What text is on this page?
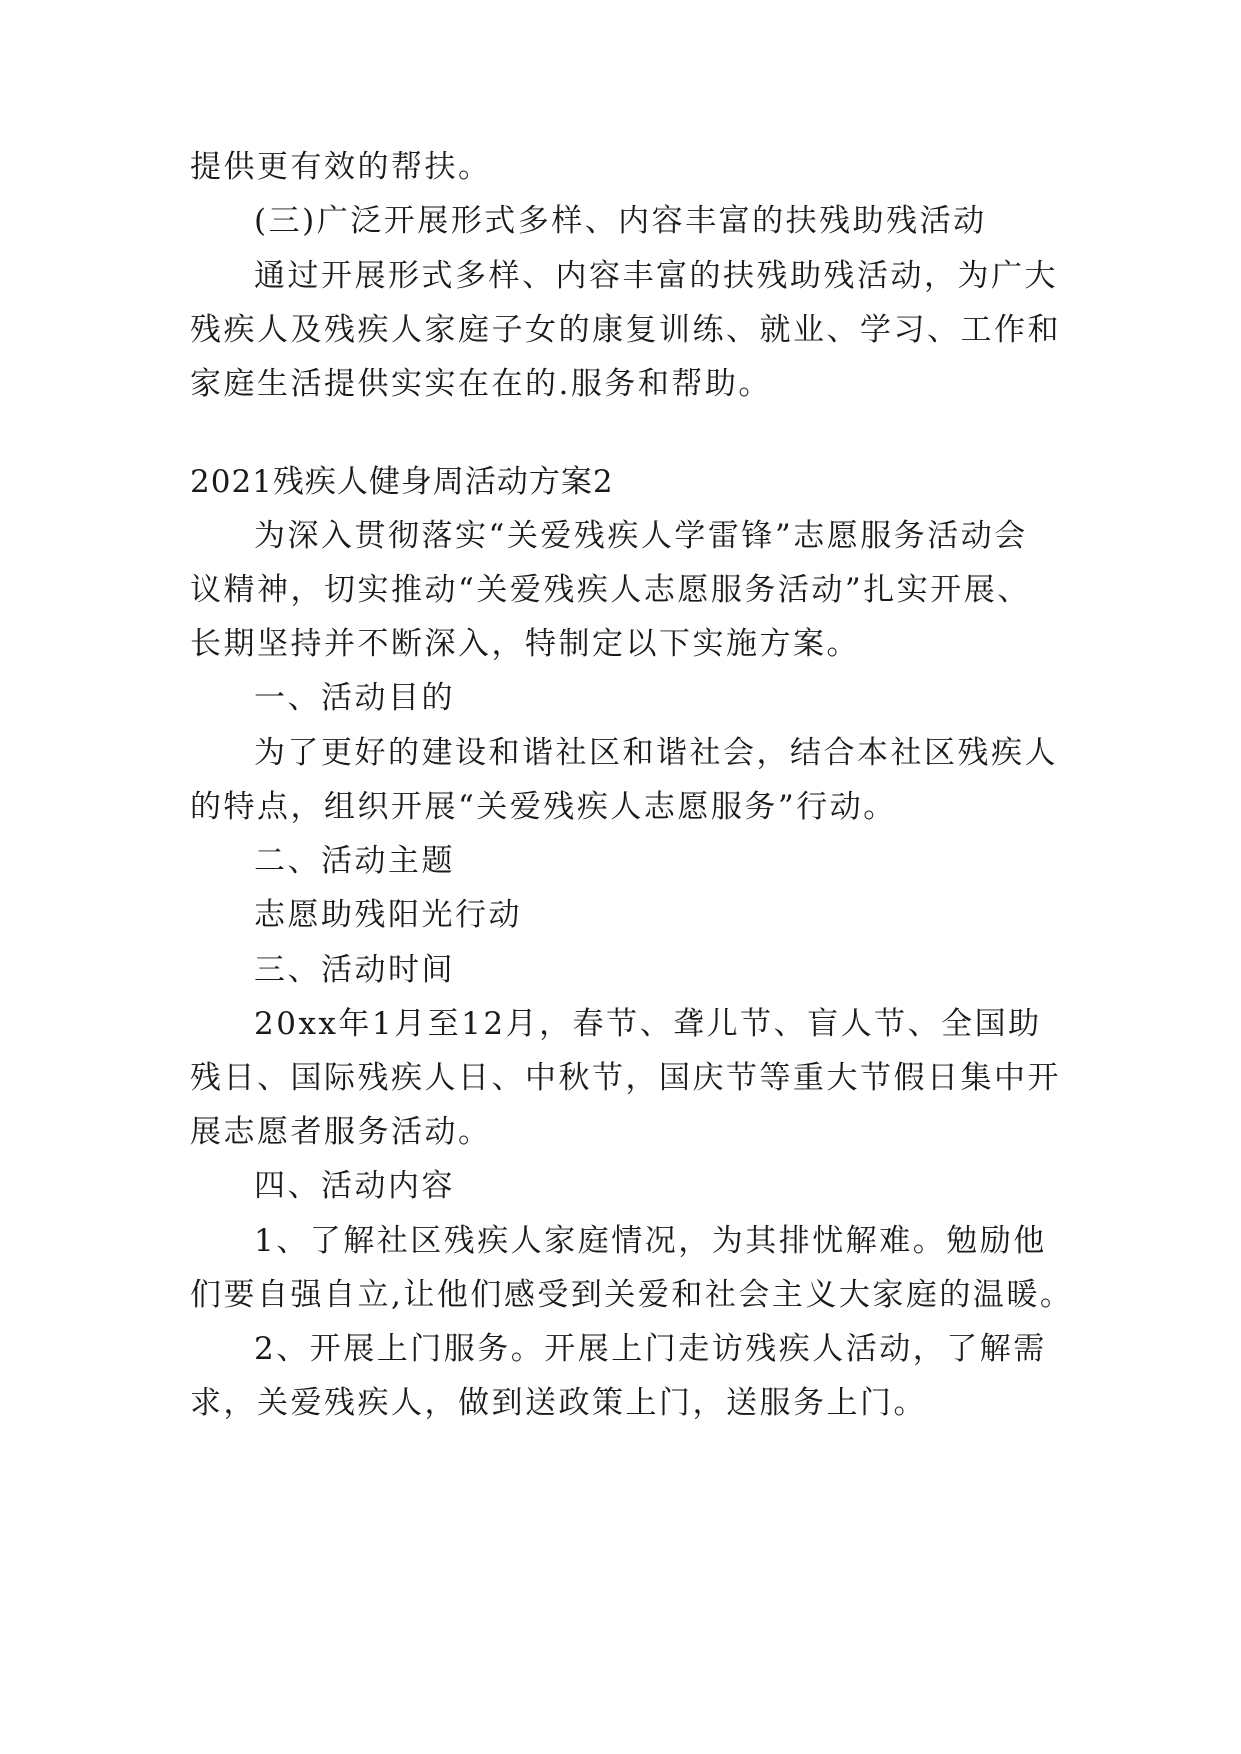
提供更有效的帮扶。
(三)广泛开展形式多样、内容丰富的扶残助残活动
通过开展形式多样、内容丰富的扶残助残活动，为广大
残疾人及残疾人家庭子女的康复训练、就业、学习、工作和
家庭生活提供实实在在的.服务和帮助。
2021残疾人健身周活动方案2
为深入贯彻落实“关爱残疾人学雷锋”志愿服务活动会
议精神，切实推动“关爱残疾人志愿服务活动”扎实开展、
长期坚持并不断深入，特制定以下实施方案。
一、活动目的
为了更好的建设和谐社区和谐社会，结合本社区残疾人
的特点，组织开展“关爱残疾人志愿服务”行动。
二、活动主题
志愿助残阳光行动
三、活动时间
20xx年1月至12月，春节、聋儿节、盲人节、全国助
残日、国际残疾人日、中秋节，国庆节等重大节假日集中开
展志愿者服务活动。
四、活动内容
1、了解社区残疾人家庭情况，为其排忧解难。勉励他
们要自强自立,让他们感受到关爱和社会主义大家庭的温暖。
2、开展上门服务。开展上门走访残疾人活动，了解需
求，关爱残疾人，做到送政策上门，送服务上门。
